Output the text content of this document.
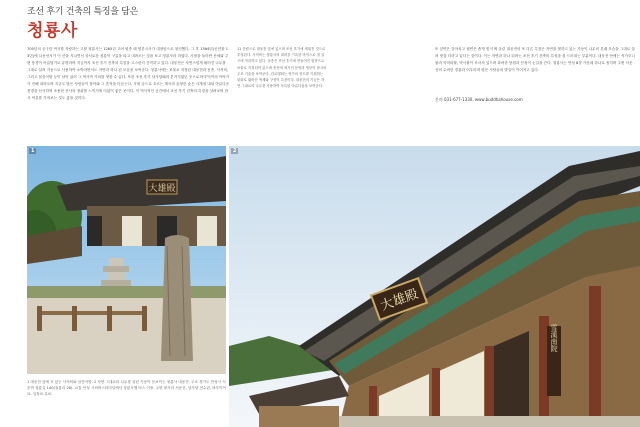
조선 후기 건축의 특징을 담은
청룡사
700년의 궁구한 역사를 자랑하는 고찰 청룡사는 1265년 고려 원종 때 명본국사가 대장암으로 창건했다. 그 후 1364년(공민왕 13년)에 나옹선사가 이 산을 지나면서 상서로운 청룡이 구름을 타고 내려오는 것을 보고 청룡사라 하였다. 사찰을 둘러싼 산세와 주변 풍경이 아름답기로 유명하며 지금까지 조선 후기 건축의 특징을 고스란히 간직하고 있다. 대웅전은 자연스럽게 휘어진 나무를 그대로 살려 기둥으로 사용하여 소박하면서도 자연과 하나 된 모습을 보여준다. 청룡사에는 보물로 지정된 대웅전과 동종, 사적비, 그리고 삼층석탑 등이 남아 있어 그 역사적 가치를 엿볼 수 있다. 또한 조선 후기 남사당패의 본거지였던 곳으로 바우덕이의 이야기가 전해 내려오며 지금도 많은 사람들이 찾아와 그 흔적을 더듬는다. 사찰 앞으로 흐르는 계곡과 울창한 숲은 사계절 내내 아름다운 풍경을 선사하며 조용한 산사의 정취를 느끼기에 더없이 좋은 곳이다. 이 역사적인 공간에서 조선 후기 건축의 특징을 살펴보며 잠시 여유를 가져보는 것도 좋을 것이다.
11 층탑으로 대웅전 앞에 있으며 조선 후기에 세워진 것으로 추정된다. 사적비는 청룡사의 내력을 기록한 비석으로 절 입구에 자리하고 있다. 동종은 조선 후기에 만들어진 범종으로 보물로 지정되어 있으며 종신에 새겨진 문양과 명문이 당시의 주조 기술을 보여준다. 감로탱화는 영가의 천도를 기원하는 불화로 뛰어난 색채와 구성이 특징이다. 대웅전의 기둥은 자연 그대로의 나무를 사용하여 독특한 아름다움을 보여준다.
또 앞면은 감아치고 뒷면은 좁게 빗겨 짜 올린 대웅전의 또 다른 특징은 자연을 벗하고 있는 기둥이 나무의 본래 모습을 그대로 살려 멋을 더하고 있다는 것이다. 이는 자연과 하나 되려는 조선 후기 건축의 특성을 잘 드러내는 부분이다. 대웅전 안에는 석가모니불과 아미타불, 약사불이 모셔져 있으며 화려한 닫집과 단청이 눈길을 끈다. 청룡사는 안성 8경 가운데 하나로 꼽히며 주변 서운산의 수려한 경관과 어우러져 많은 사람들의 발길이 이어지고 있다.
문의 031-677-1330, www.buddhahouse.com
大雄殿
1
大雄殿
雪溪南院
2
1 대웅전 앞에 서 있는 사적비와 삼층석탑. 2 자연 그대로의 나무를 살린 기둥이 돋보이는 청룡사 대웅전. 주소 경기도 안성시 서운면 청룡길 140(청룡리 28). 교통 안성 시외버스터미널에서 청룡사행 버스 이용. 주변 볼거리 서운산, 남사당 전수관, 바우덕이 묘. 입장료 무료.
